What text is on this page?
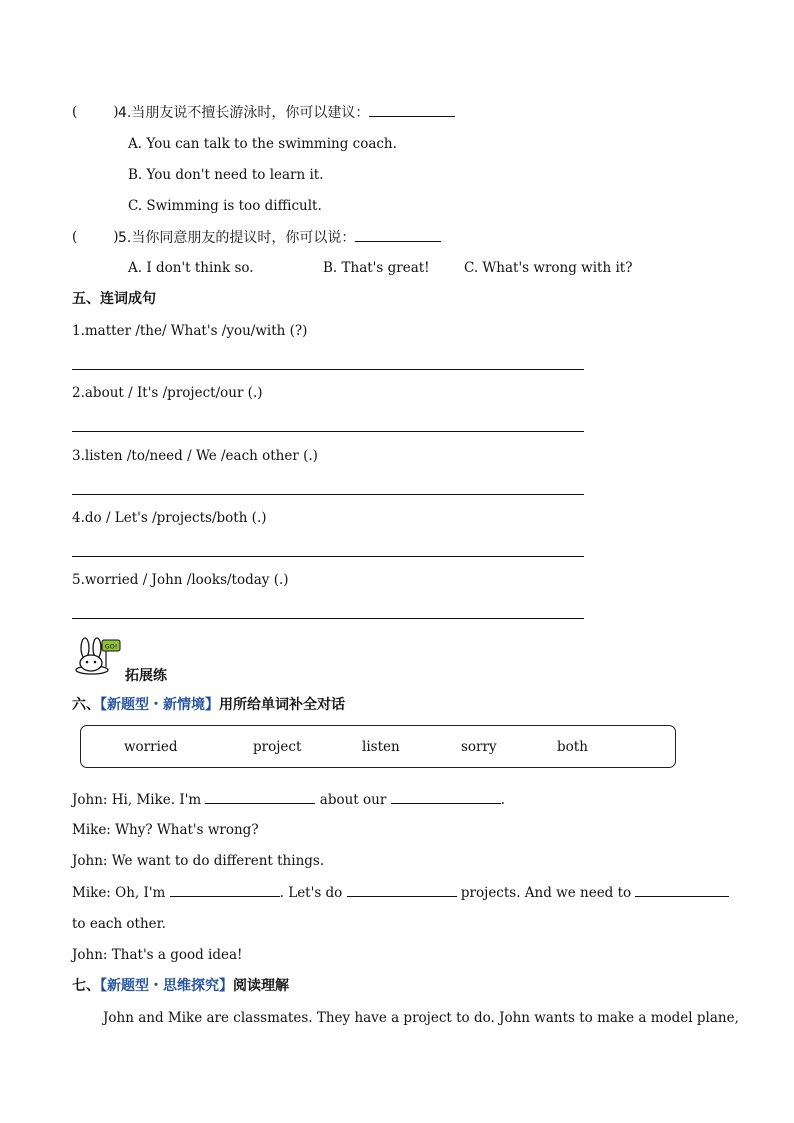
(	) 4.当朋友说不擅长游泳时，你可以建议：
A. You can talk to the swimming coach.
B. You don't need to learn it.
C. Swimming is too difficult.
(	) 5.当你同意朋友的提议时，你可以说：
A. I don't think so.	B. That's great!	C. What's wrong with it?
五、连词成句
1.matter /the/ What's /you/with (?)
2.about / It's /project/our (.)
3.listen /to/need / We /each other (.)
4.do / Let's /projects/both (.)
5.worried / John /looks/today (.)
GO!
拓展练
六、【新题型・新情境】用所给单词补全对话
worried	project	listen	sorry	both
John: Hi, Mike. I'm	about our	.
Mike: Why? What's wrong?
John: We want to do different things.
Mike: Oh, I'm	. Let's do	projects. And we need to
to each other.
John: That's a good idea!
七、【新题型・思维探究】阅读理解
John and Mike are classmates. They have a project to do. John wants to make a model plane,
